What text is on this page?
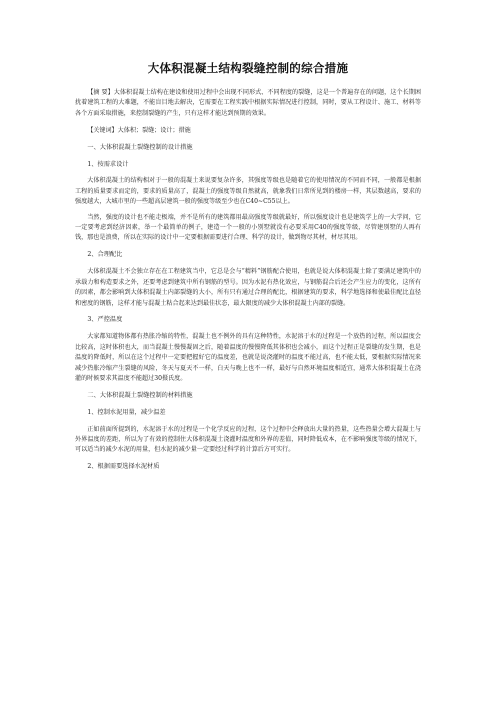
大体积混凝土结构裂缝控制的综合措施

【摘 要】大体积混凝土结构在建设和使用过程中会出现不同形式、不同程度的裂缝，这是一个普遍存在的问题，这个长期困扰着建筑工程的大难题，不能盲目地去解决，它需要在工程实践中根据实际情况进行控制，同时，要从工程设计、施工、材料等各个方面采取措施，来控制裂缝的产生，只有这样才能达到预期的效果。

【关键词】大体积；裂缝；设计；措施

一、大体积混凝土裂缝控制的设计措施

1、按需求设计

大体积混凝土的结构相对于一般的混凝土来说要复杂许多，其强度等级也是随着它的使用情况的不同而不同，一般都是根据工程的质量要求而定的，要求的质量高了，混凝土的强度等级自然就高，就象我们日常所见到的楼房一样，其层数越高，要求的强度越大，大城市里的一些超高层建筑一般的强度等级至少也在C40~C55以上。

当然，强度的设计也不能走极端，并不是所有的建筑都用最高强度等级就最好，所以强度设计也是建筑学上的一大学问，它一定要考虑到经济因素，举一个最简单的例子，建造一个一般的小别墅就没有必要采用C40的强度等级，尽管建别墅的人再有钱，那也是浪费，所以在实际的设计中一定要根据需要进行合理、科学的设计，做到物尽其材，材尽其用。

2、合理配比

大体积混凝土不会独立存在在工程建筑当中，它总是会与“精料”钢筋配合使用，也就是说大体积混凝土除了要满足建筑中的承载力和构造要求之外，还要考虑到建筑中所有钢筋的型号。因为水泥有热化效应，与钢筋混合后还会产生应力的变化，这所有的因素，都会影响到大体积混凝土内部裂缝的大小，所有只有通过合理的配比，根据建筑的要求，科学地选择和使最佳配比直径和密度的钢筋，这样才能与混凝土粘合起来达到最佳状态，最大限度的减少大体积混凝土内部的裂缝。

3、严控温度

大家都知道物体都有热胀冷缩的特性，混凝土也不例外的具有这种特性，水泥溶于水的过程是一个放热的过程，所以温度会比较高，这时体积也大，而当混凝土慢慢凝固之后，随着温度的慢慢降低其体积也会减小，而这个过程正是裂缝的发生期，也是温度的降低时，所以在这个过程中一定要把握好它的温度差，也就是说浇灌时的温度不能过高，也不能太低，要根据实际情况来减少热胀冷缩产生裂缝的风险，冬天与夏天不一样，白天与晚上也不一样，最好与自然环境温度相适宜，通常大体积混凝土在浇灌的时候要求其温度不能超过30摄氏度。

二、大体积混凝土裂缝控制的材料措施

1、控制水泥用量，减少温差

正如前面所提到的，水泥溶于水的过程是一个化学反应的过程，这个过程中会释放出大量的热量，这些热量会增大混凝土与外界温度的差距，所以为了有效的控制住大体积混凝土浇灌时温度和外界的差值，同时降低成本，在不影响强度等级的情况下，可以适当的减少水泥的用量，但水泥的减少量一定要经过科学的计算后方可实行。

2、根据需要选择水泥材质
